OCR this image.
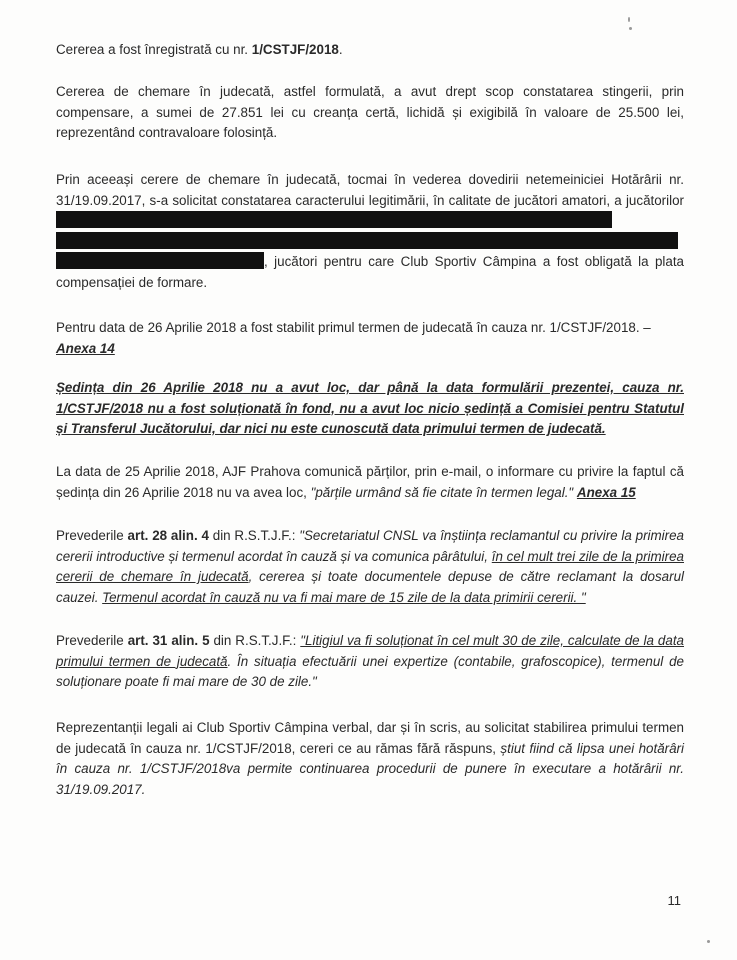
Cererea a fost înregistrată cu nr. 1/CSTJF/2018.

Cererea de chemare în judecată, astfel formulată, a avut drept scop constatarea stingerii, prin compensare, a sumei de 27.851 lei cu creanța certă, lichidă și exigibilă în valoare de 25.500 lei, reprezentând contravaloare folosință.

Prin aceeași cerere de chemare în judecată, tocmai în vederea dovedirii netemeiniciei Hotărârii nr. 31/19.09.2017, s-a solicitat constatarea caracterului legitimării, în calitate de jucători amatori, a jucătorilor   , jucători pentru care Club Sportiv Câmpina a fost obligată la plata compensației de formare.

Pentru data de 26 Aprilie 2018 a fost stabilit primul termen de judecată în cauza nr. 1/CSTJF/2018. –
Anexa 14

Ședința din 26 Aprilie 2018 nu a avut loc, dar până la data formulării prezentei, cauza nr. 1/CSTJF/2018 nu a fost soluționată în fond, nu a avut loc nicio ședință a Comisiei pentru Statutul și Transferul Jucătorului, dar nici nu este cunoscută data primului termen de judecată.

La data de 25 Aprilie 2018, AJF Prahova comunică părților, prin e-mail, o informare cu privire la faptul că ședința din 26 Aprilie 2018 nu va avea loc, "părțile urmând să fie citate în termen legal." Anexa 15

Prevederile art. 28 alin. 4 din R.S.T.J.F.: "Secretariatul CNSL va înștiința reclamantul cu privire la primirea cererii introductive și termenul acordat în cauză și va comunica pârâtului, în cel mult trei zile de la primirea cererii de chemare în judecată, cererea și toate documentele depuse de către reclamant la dosarul cauzei. Termenul acordat în cauză nu va fi mai mare de 15 zile de la data primirii cererii. "

Prevederile art. 31 alin. 5 din R.S.T.J.F.: "Litigiul va fi soluționat în cel mult 30 de zile, calculate de la data primului termen de judecată. În situația efectuării unei expertize (contabile, grafoscopice), termenul de soluționare poate fi mai mare de 30 de zile."

Reprezentanții legali ai Club Sportiv Câmpina verbal, dar și în scris, au solicitat stabilirea primului termen de judecată în cauza nr. 1/CSTJF/2018, cereri ce au rămas fără răspuns, știut fiind că lipsa unei hotărâri în cauza nr. 1/CSTJF/2018va permite continuarea procedurii de punere în executare a hotărârii nr. 31/19.09.2017.

11
